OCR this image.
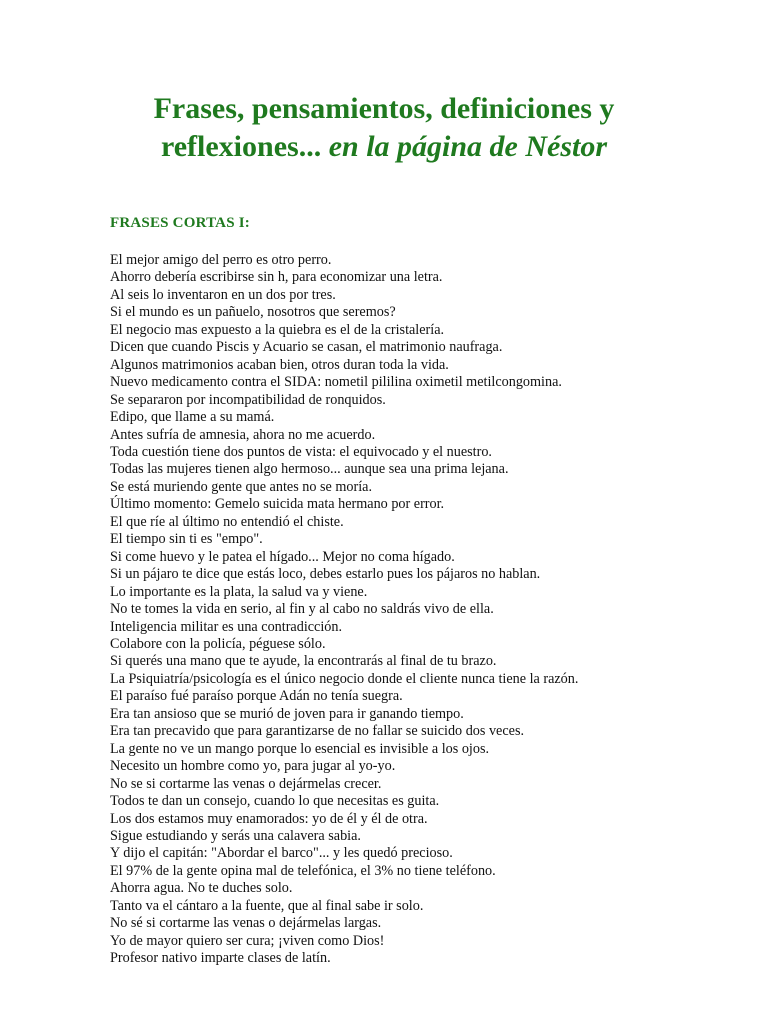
Frases, pensamientos, definiciones y
reflexiones... en la página de Néstor
FRASES CORTAS I:
El mejor amigo del perro es otro perro.
Ahorro debería escribirse sin h, para economizar una letra.
Al seis lo inventaron en un dos por tres.
Si el mundo es un pañuelo, nosotros que seremos?
El negocio mas expuesto a la quiebra es el de la cristalería.
Dicen que cuando Piscis y Acuario se casan, el matrimonio naufraga.
Algunos matrimonios acaban bien, otros duran toda la vida.
Nuevo medicamento contra el SIDA: nometil pililina oximetil metilcongomina.
Se separaron por incompatibilidad de ronquidos.
Edipo, que llame a su mamá.
Antes sufría de amnesia, ahora no me acuerdo.
Toda cuestión tiene dos puntos de vista: el equivocado y el nuestro.
Todas las mujeres tienen algo hermoso... aunque sea una prima lejana.
Se está muriendo gente que antes no se moría.
Último momento: Gemelo suicida mata hermano por error.
El que ríe al último no entendió el chiste.
El tiempo sin ti es "empo".
Si come huevo y le patea el hígado... Mejor no coma hígado.
Si un pájaro te dice que estás loco, debes estarlo pues los pájaros no hablan.
Lo importante es la plata, la salud va y viene.
No te tomes la vida en serio, al fin y al cabo no saldrás vivo de ella.
Inteligencia militar es una contradicción.
Colabore con la policía, péguese sólo.
Si querés una mano que te ayude, la encontrarás al final de tu brazo.
La Psiquiatría/psicología es el único negocio donde el cliente nunca tiene la razón.
El paraíso fué paraíso porque Adán no tenía suegra.
Era tan ansioso que se murió de joven para ir ganando tiempo.
Era tan precavido que para garantizarse de no fallar se suicido dos veces.
La gente no ve un mango porque lo esencial es invisible a los ojos.
Necesito un hombre como yo, para jugar al yo-yo.
No se si cortarme las venas o dejármelas crecer.
Todos te dan un consejo, cuando lo que necesitas es guita.
Los dos estamos muy enamorados: yo de él y él de otra.
Sigue estudiando y serás una calavera sabia.
Y dijo el capitán: "Abordar el barco"... y les quedó precioso.
El 97% de la gente opina mal de telefónica, el 3% no tiene teléfono.
Ahorra agua. No te duches solo.
Tanto va el cántaro a la fuente, que al final sabe ir solo.
No sé si cortarme las venas o dejármelas largas.
Yo de mayor quiero ser cura; ¡viven como Dios!
Profesor nativo imparte clases de latín.
